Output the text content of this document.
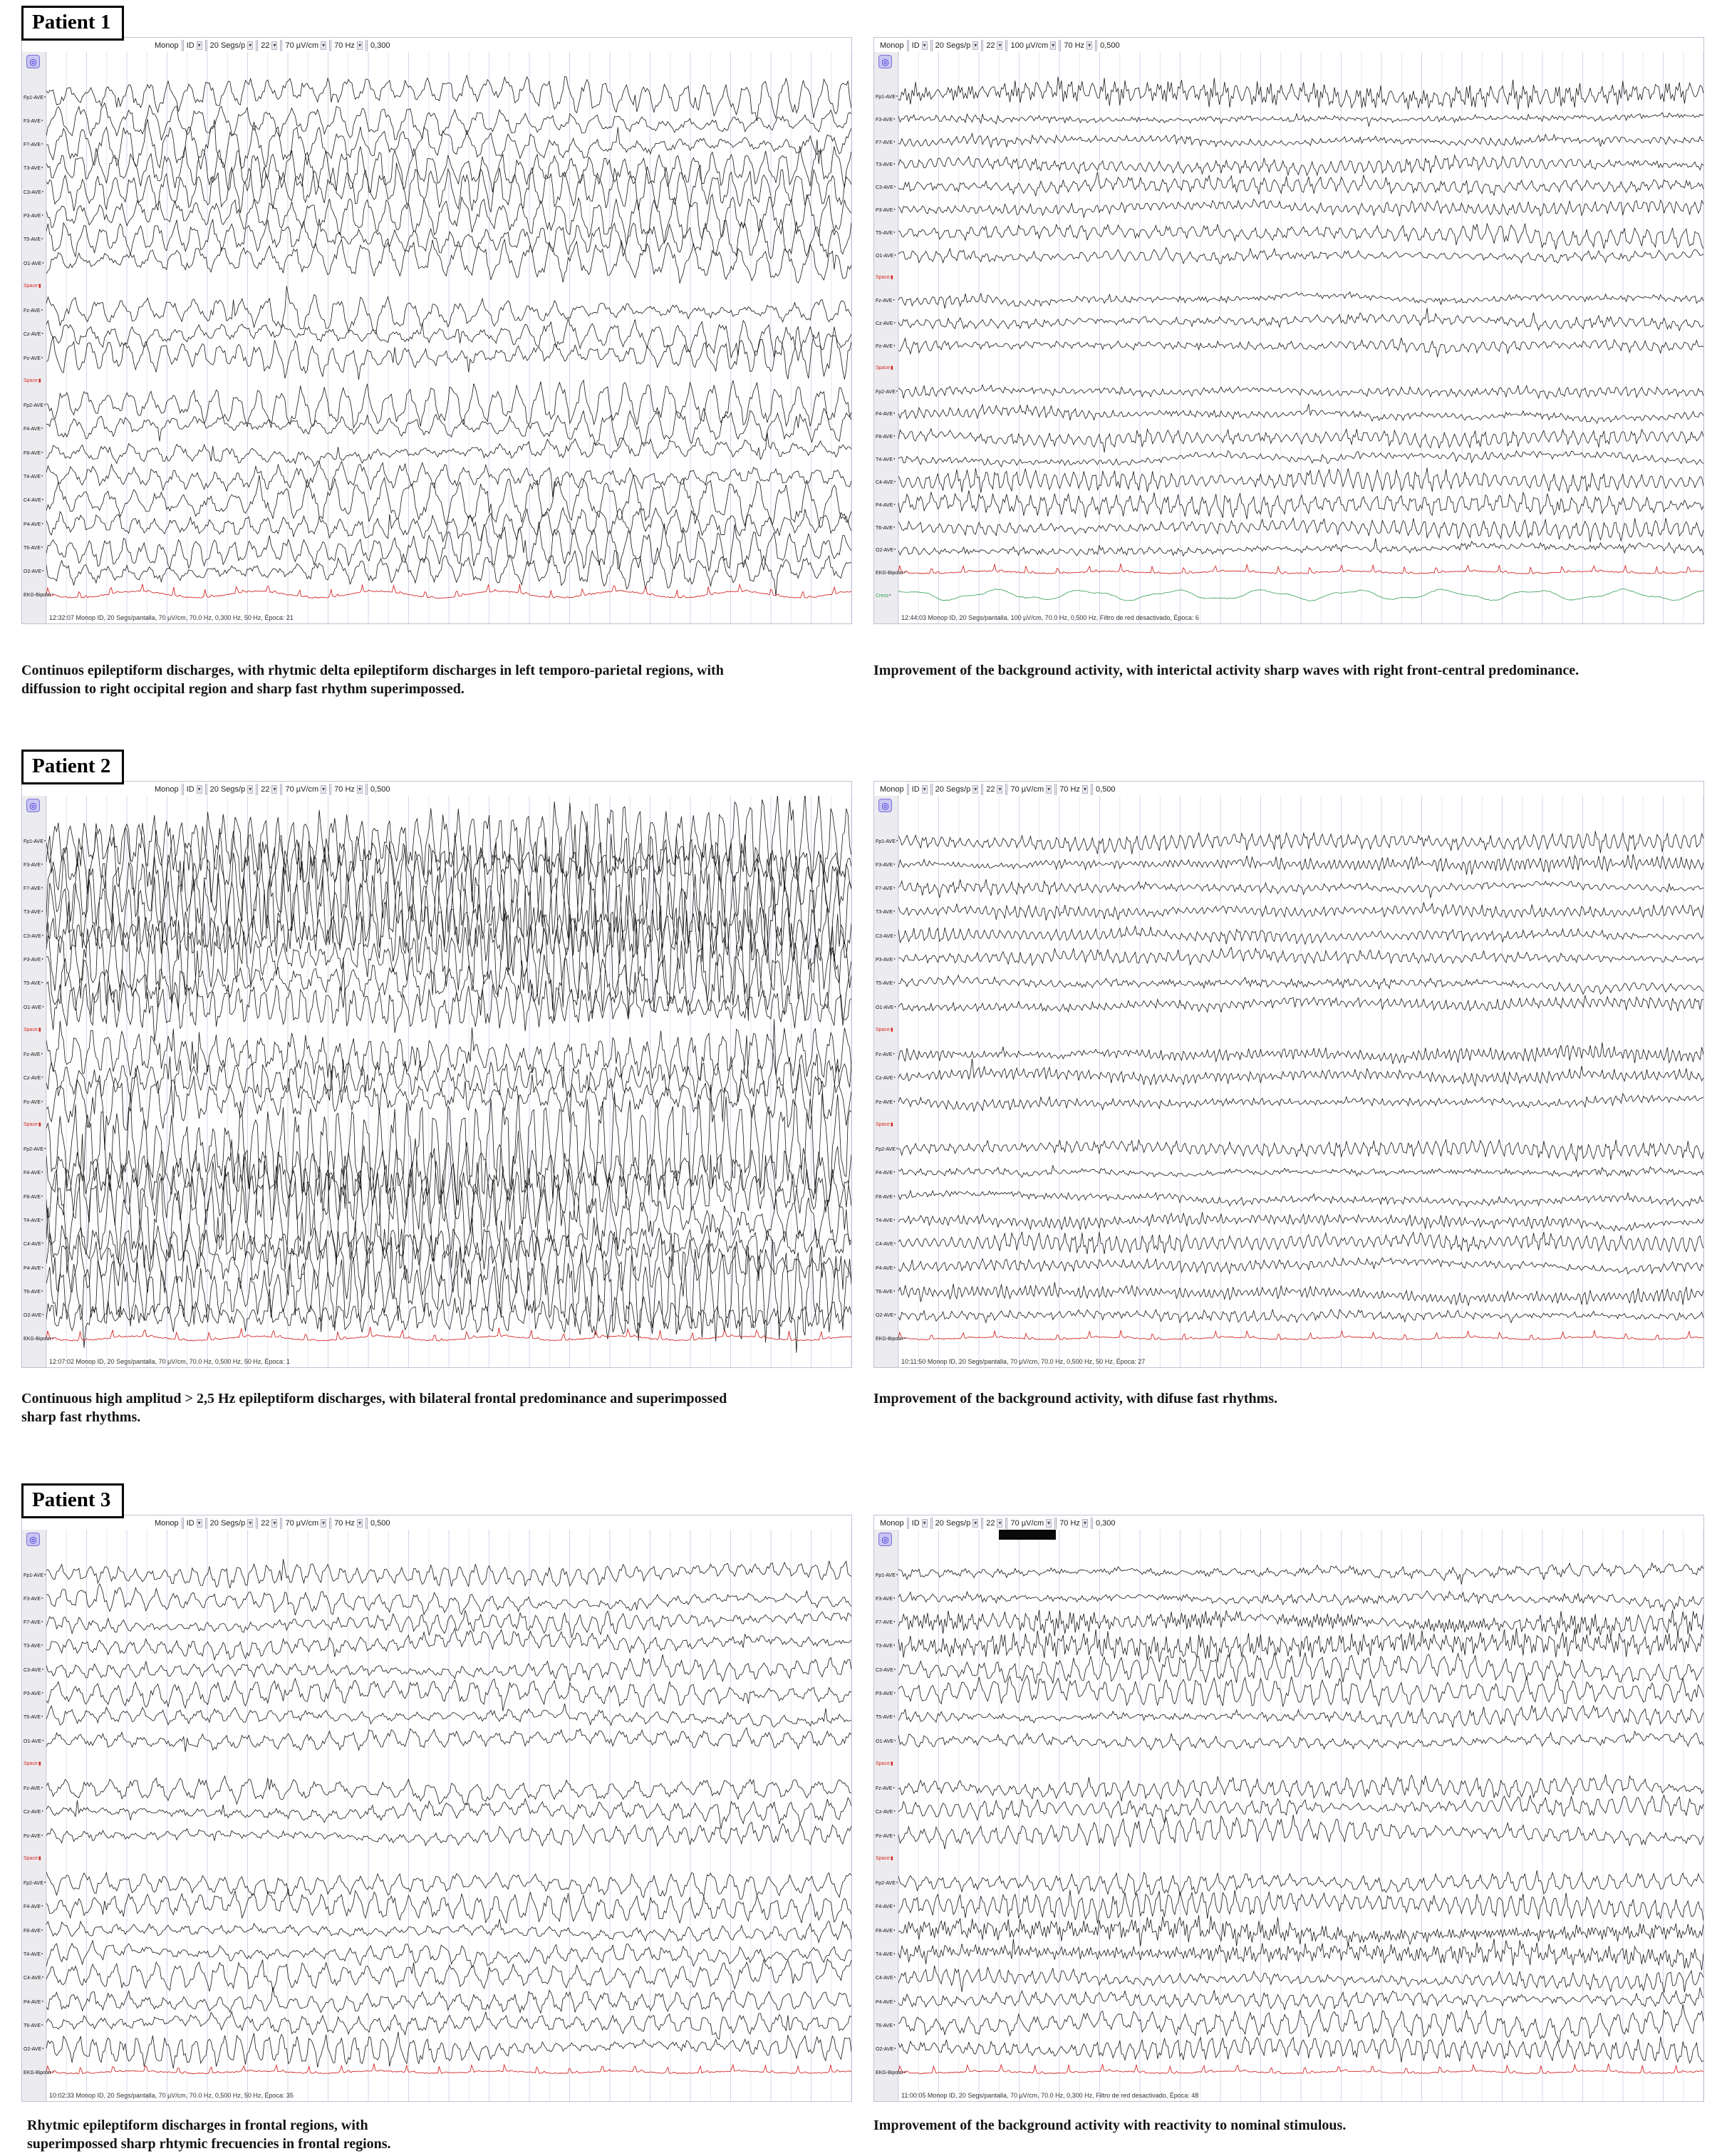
Patient 1
Monop ID ▾ 20 Segs/p ▾ 22 ▾ 70 µV/cm ▾ 70 Hz ▾ 0,300
◎
Fp1-AVE●
F3-AVE●
F7-AVE●
T3-AVE●
C3-AVE●
P3-AVE●
T5-AVE●
O1-AVE●
Space▮
Fz-AVE●
Cz-AVE●
Pz-AVE●
Space▮
Fp2-AVE●
F4-AVE●
F8-AVE●
T4-AVE●
C4-AVE●
P4-AVE●
T6-AVE●
O2-AVE●
EKG-Bipolar●
12:32:07 Monop ID, 20 Segs/pantalla, 70 µV/cm, 70.0 Hz, 0,300 Hz, 50 Hz, Época: 21
Monop ID ▾ 20 Segs/p ▾ 22 ▾ 100 µV/cm ▾ 70 Hz ▾ 0,500
◎
Fp1-AVE●
F3-AVE●
F7-AVE●
T3-AVE●
C3-AVE●
P3-AVE●
T5-AVE●
O1-AVE●
Space▮
Fz-AVE●
Cz-AVE●
Pz-AVE●
Space▮
Fp2-AVE●
F4-AVE●
F8-AVE●
T4-AVE●
C4-AVE●
P4-AVE●
T6-AVE●
O2-AVE●
EKG-Bipolar●
Cress●
12:44:03 Monop ID, 20 Segs/pantalla, 100 µV/cm, 70.0 Hz, 0,500 Hz, Filtro de red desactivado, Época: 6

Continuos epileptiform discharges, with rhytmic delta epileptiform discharges in left temporo-parietal regions, with diffussion to right occipital region and sharp fast rhythm superimpossed.

Improvement of the background activity, with interictal activity sharp waves with right front-central predominance.

Patient 2
Monop ID ▾ 20 Segs/p ▾ 22 ▾ 70 µV/cm ▾ 70 Hz ▾ 0,500
◎
Fp1-AVE●
F3-AVE●
F7-AVE●
T3-AVE●
C3-AVE●
P3-AVE●
T5-AVE●
O1-AVE●
Space▮
Fz-AVE●
Cz-AVE●
Pz-AVE●
Space▮
Fp2-AVE●
F4-AVE●
F8-AVE●
T4-AVE●
C4-AVE●
P4-AVE●
T6-AVE●
O2-AVE●
EKG-Bipolar●
12:07:02 Monop ID, 20 Segs/pantalla, 70 µV/cm, 70.0 Hz, 0,500 Hz, 50 Hz, Época: 1
Monop ID ▾ 20 Segs/p ▾ 22 ▾ 70 µV/cm ▾ 70 Hz ▾ 0,500
◎
Fp1-AVE●
F3-AVE●
F7-AVE●
T3-AVE●
C3-AVE●
P3-AVE●
T5-AVE●
O1-AVE●
Space▮
Fz-AVE●
Cz-AVE●
Pz-AVE●
Space▮
Fp2-AVE●
F4-AVE●
F8-AVE●
T4-AVE●
C4-AVE●
P4-AVE●
T6-AVE●
O2-AVE●
EKG-Bipolar●
10:11:50 Monop ID, 20 Segs/pantalla, 70 µV/cm, 70.0 Hz, 0,500 Hz, 50 Hz, Época: 27

Continuous high amplitud > 2,5 Hz epileptiform discharges, with bilateral frontal predominance and superimpossed sharp fast rhythms.

Improvement of the background activity, with difuse fast rhythms.

Patient 3
Monop ID ▾ 20 Segs/p ▾ 22 ▾ 70 µV/cm ▾ 70 Hz ▾ 0,500
◎
Fp1-AVE●
F3-AVE●
F7-AVE●
T3-AVE●
C3-AVE●
P3-AVE●
T5-AVE●
O1-AVE●
Space▮
Fz-AVE●
Cz-AVE●
Pz-AVE●
Space▮
Fp2-AVE●
F4-AVE●
F8-AVE●
T4-AVE●
C4-AVE●
P4-AVE●
T6-AVE●
O2-AVE●
EKG-Bipolar●
10:02:33 Monop ID, 20 Segs/pantalla, 70 µV/cm, 70.0 Hz, 0,500 Hz, 50 Hz, Época: 35
Monop ID ▾ 20 Segs/p ▾ 22 ▾ 70 µV/cm ▾ 70 Hz ▾ 0,300
◎
Fp1-AVE●
F3-AVE●
F7-AVE●
T3-AVE●
C3-AVE●
P3-AVE●
T5-AVE●
O1-AVE●
Space▮
Fz-AVE●
Cz-AVE●
Pz-AVE●
Space▮
Fp2-AVE●
F4-AVE●
F8-AVE●
T4-AVE●
C4-AVE●
P4-AVE●
T6-AVE●
O2-AVE●
EKG-Bipolar●
11:00:05 Monop ID, 20 Segs/pantalla, 70 µV/cm, 70.0 Hz, 0,300 Hz, Filtro de red desactivado, Época: 48

Rhytmic epileptiform discharges in frontal regions, with superimpossed sharp rhtymic frecuencies in frontal regions.

Improvement of the background activity with reactivity to nominal stimulous.
